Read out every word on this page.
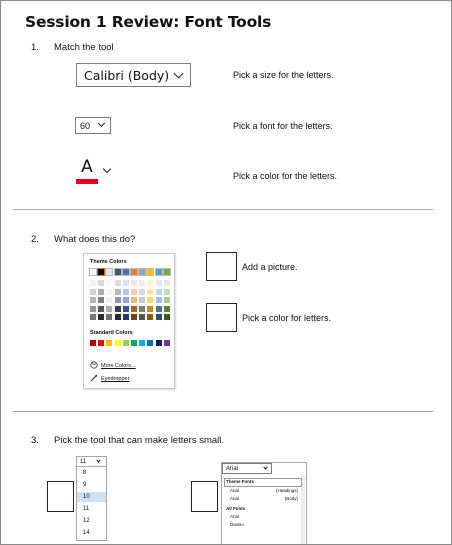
Session 1 Review: Font Tools
1. Match the tool
Calibri (Body)
60
A
Pick a size for the letters.
Pick a font for the letters.
Pick a color for the letters.
2. What does this do?
Theme Colors
Standard Colors
More Colors...
Eyedropper
Add a picture.
Pick a color for letters.
3. Pick the tool that can make letters small.
11
8
9
10
11
12
14
Arial
Theme Fonts
Arial	(Headings)
Arial	(Body)
All Fonts
Arial
Daviso
